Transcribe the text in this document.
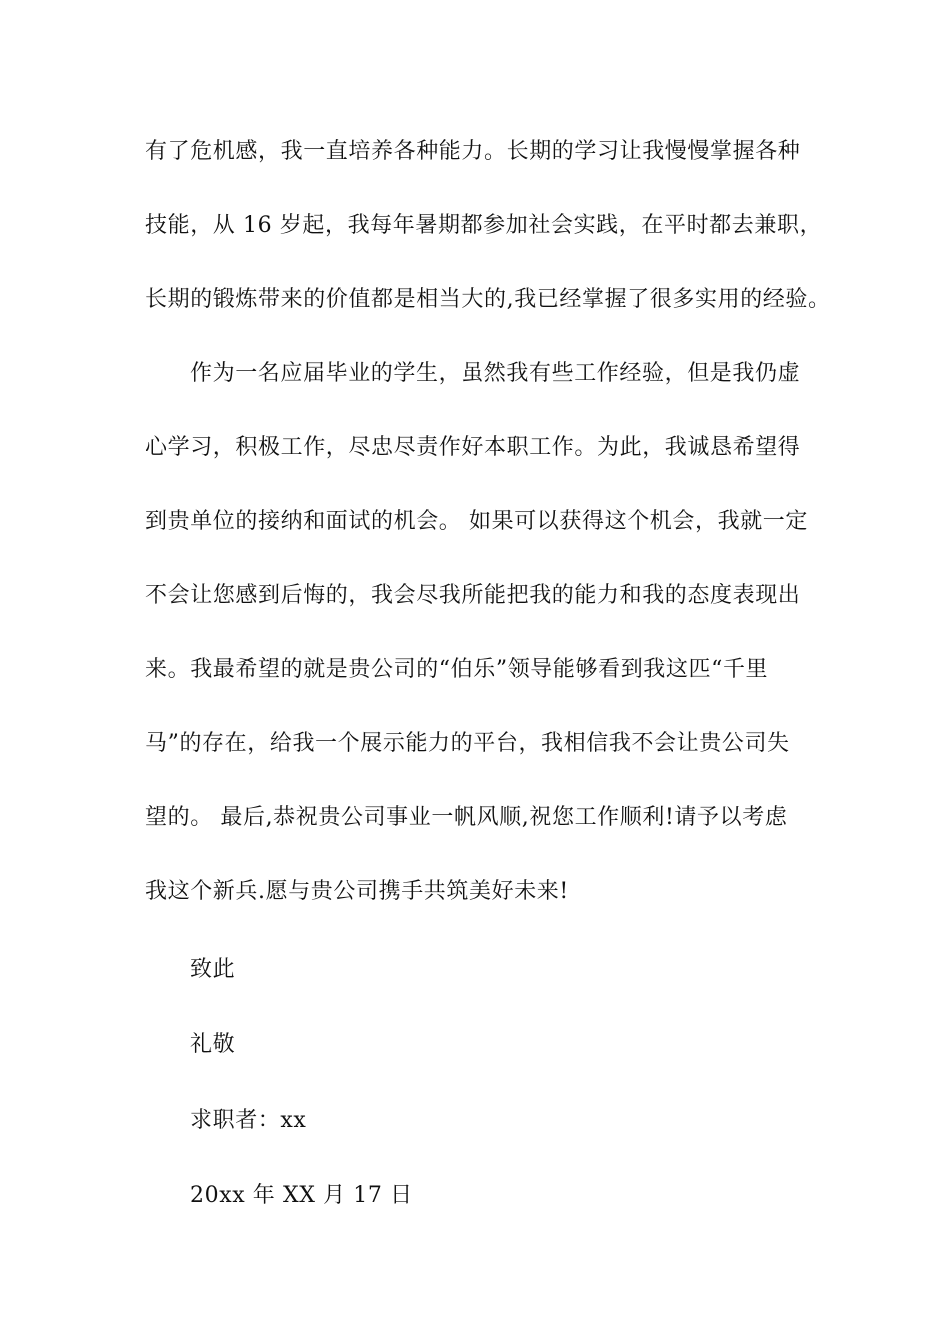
有了危机感，我一直培养各种能力。长期的学习让我慢慢掌握各种
技能，从 16 岁起，我每年暑期都参加社会实践，在平时都去兼职，
长期的锻炼带来的价值都是相当大的,我已经掌握了很多实用的经验。
作为一名应届毕业的学生，虽然我有些工作经验，但是我仍虚
心学习，积极工作，尽忠尽责作好本职工作。为此，我诚恳希望得
到贵单位的接纳和面试的机会。 如果可以获得这个机会，我就一定
不会让您感到后悔的，我会尽我所能把我的能力和我的态度表现出
来。我最希望的就是贵公司的“伯乐”领导能够看到我这匹“千里
马”的存在，给我一个展示能力的平台，我相信我不会让贵公司失
望的。 最后,恭祝贵公司事业一帆风顺,祝您工作顺利!请予以考虑
我这个新兵.愿与贵公司携手共筑美好未来!
致此
礼敬
求职者：xx
20xx 年 XX 月 17 日
